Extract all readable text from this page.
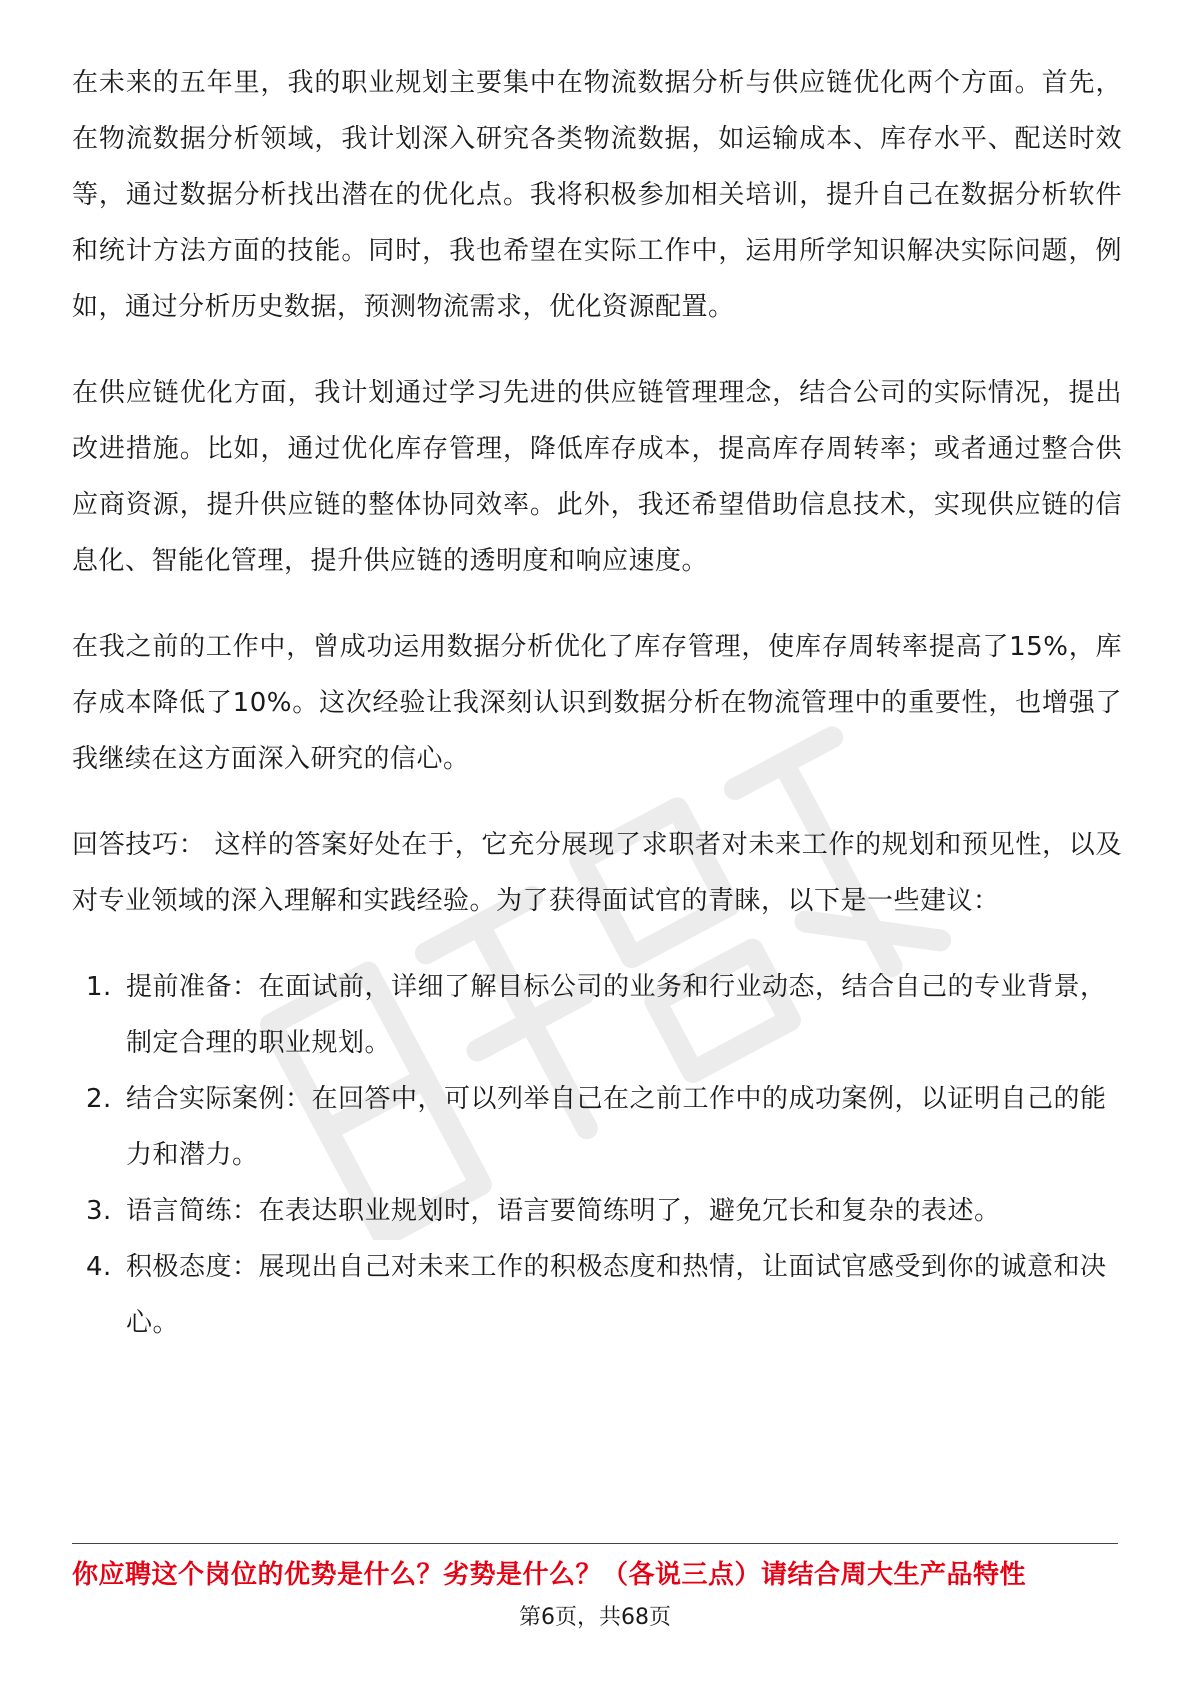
在未来的五年里，我的职业规划主要集中在物流数据分析与供应链优化两个方面。首先，在物流数据分析领域，我计划深入研究各类物流数据，如运输成本、库存水平、配送时效等，通过数据分析找出潜在的优化点。我将积极参加相关培训，提升自己在数据分析软件和统计方法方面的技能。同时，我也希望在实际工作中，运用所学知识解决实际问题，例如，通过分析历史数据，预测物流需求，优化资源配置。

在供应链优化方面，我计划通过学习先进的供应链管理理念，结合公司的实际情况，提出改进措施。比如，通过优化库存管理，降低库存成本，提高库存周转率；或者通过整合供应商资源，提升供应链的整体协同效率。此外，我还希望借助信息技术，实现供应链的信息化、智能化管理，提升供应链的透明度和响应速度。

在我之前的工作中，曾成功运用数据分析优化了库存管理，使库存周转率提高了15%，库存成本降低了10%。这次经验让我深刻认识到数据分析在物流管理中的重要性，也增强了我继续在这方面深入研究的信心。

回答技巧： 这样的答案好处在于，它充分展现了求职者对未来工作的规划和预见性，以及对专业领域的深入理解和实践经验。为了获得面试官的青睐，以下是一些建议：

1. 提前准备：在面试前，详细了解目标公司的业务和行业动态，结合自己的专业背景，制定合理的职业规划。
2. 结合实际案例：在回答中，可以列举自己在之前工作中的成功案例，以证明自己的能力和潜力。
3. 语言简练：在表达职业规划时，语言要简练明了，避免冗长和复杂的表述。
4. 积极态度：展现出自己对未来工作的积极态度和热情，让面试官感受到你的诚意和决心。
你应聘这个岗位的优势是什么？劣势是什么？（各说三点）请结合周大生产品特性
第6页，共68页
